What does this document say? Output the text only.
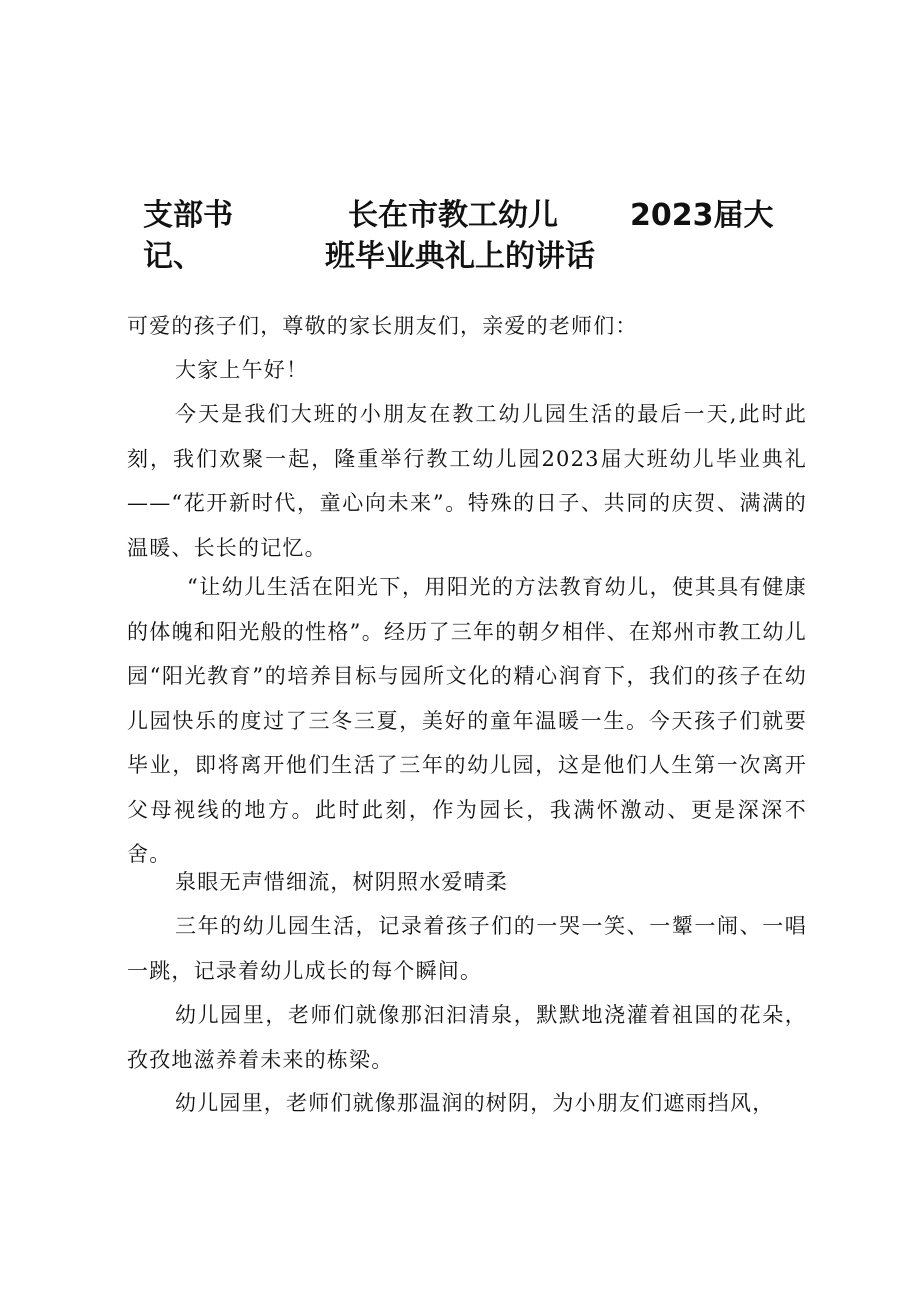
支部书	长在市教工幼儿 2023届大
记、	班毕业典礼上的讲话

可爱的孩子们，尊敬的家长朋友们，亲爱的老师们：

大家上午好！

今天是我们大班的小朋友在教工幼儿园生活的最后一天,此时此刻，我们欢聚一起，隆重举行教工幼儿园2023届大班幼儿毕业典礼——“花开新时代，童心向未来”。特殊的日子、共同的庆贺、满满的温暖、长长的记忆。

“让幼儿生活在阳光下，用阳光的方法教育幼儿，使其具有健康的体魄和阳光般的性格”。经历了三年的朝夕相伴、在郑州市教工幼儿园“阳光教育”的培养目标与园所文化的精心润育下，我们的孩子在幼儿园快乐的度过了三冬三夏，美好的童年温暖一生。今天孩子们就要毕业，即将离开他们生活了三年的幼儿园，这是他们人生第一次离开父母视线的地方。此时此刻，作为园长，我满怀激动、更是深深不舍。

泉眼无声惜细流，树阴照水爱晴柔

三年的幼儿园生活，记录着孩子们的一哭一笑、一颦一闹、一唱一跳，记录着幼儿成长的每个瞬间。

幼儿园里，老师们就像那汩汩清泉，默默地浇灌着祖国的花朵，孜孜地滋养着未来的栋梁。

幼儿园里，老师们就像那温润的树阴，为小朋友们遮雨挡风，
